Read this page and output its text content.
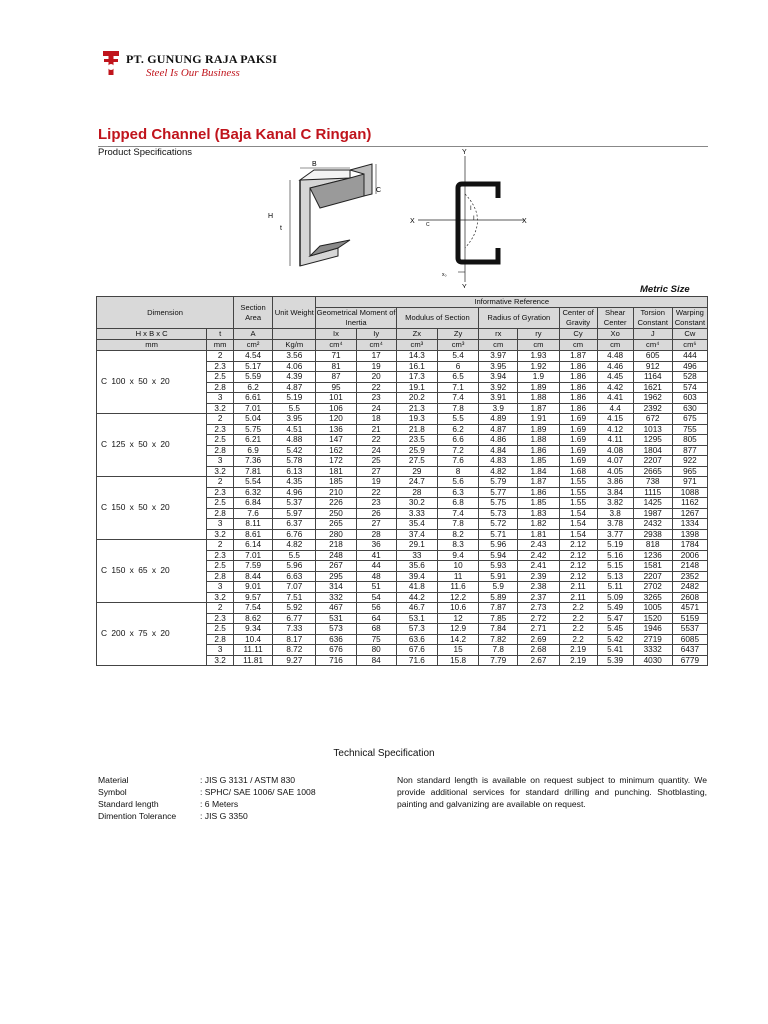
PT. GUNUNG RAJA PAKSI
Steel Is Our Business
Lipped Channel (Baja Kanal C Ringan)
Product Specifications
B
C
H
t
Y
Y
X	X
I
I
C
x₀
Metric Size
Dimension		Section Area	Unit Weight	Informative Reference									
				Geometrical Moment of Inertia		Modulus of Section		Radius of Gyration		Center of Gravity	Shear Center	Torsion Constant	Warping Constant
H x B x C	t	A		Ix	Iy	Zx	Zy	rx	ry	Cy	Xo	J	Cw
mm	mm	cm²	Kg/m	cm⁴	cm⁴	cm³	cm³	cm	cm	cm	cm	cm⁴	cm⁶
C 100 x 50 x 20	2	4.54	3.56	71	17	14.3	5.4	3.97	1.93	1.87	4.48	605	444
	2.3	5.17	4.06	81	19	16.1	6	3.95	1.92	1.86	4.46	912	496
	2.5	5.59	4.39	87	20	17.3	6.5	3.94	1.9	1.86	4.45	1164	528
	2.8	6.2	4.87	95	22	19.1	7.1	3.92	1.89	1.86	4.42	1621	574
	3	6.61	5.19	101	23	20.2	7.4	3.91	1.88	1.86	4.41	1962	603
	3.2	7.01	5.5	106	24	21.3	7.8	3.9	1.87	1.86	4.4	2392	630
C 125 x 50 x 20	2	5.04	3.95	120	18	19.3	5.5	4.89	1.91	1.69	4.15	672	675
	2.3	5.75	4.51	136	21	21.8	6.2	4.87	1.89	1.69	4.12	1013	755
	2.5	6.21	4.88	147	22	23.5	6.6	4.86	1.88	1.69	4.11	1295	805
	2.8	6.9	5.42	162	24	25.9	7.2	4.84	1.86	1.69	4.08	1804	877
	3	7.36	5.78	172	25	27.5	7.6	4.83	1.85	1.69	4.07	2207	922
	3.2	7.81	6.13	181	27	29	8	4.82	1.84	1.68	4.05	2665	965
C 150 x 50 x 20	2	5.54	4.35	185	19	24.7	5.6	5.79	1.87	1.55	3.86	738	971
	2.3	6.32	4.96	210	22	28	6.3	5.77	1.86	1.55	3.84	1115	1088
	2.5	6.84	5.37	226	23	30.2	6.8	5.75	1.85	1.55	3.82	1425	1162
	2.8	7.6	5.97	250	26	3.33	7.4	5.73	1.83	1.54	3.8	1987	1267
	3	8.11	6.37	265	27	35.4	7.8	5.72	1.82	1.54	3.78	2432	1334
	3.2	8.61	6.76	280	28	37.4	8.2	5.71	1.81	1.54	3.77	2938	1398
C 150 x 65 x 20	2	6.14	4.82	218	36	29.1	8.3	5.96	2.43	2.12	5.19	818	1784
	2.3	7.01	5.5	248	41	33	9.4	5.94	2.42	2.12	5.16	1236	2006
	2.5	7.59	5.96	267	44	35.6	10	5.93	2.41	2.12	5.15	1581	2148
	2.8	8.44	6.63	295	48	39.4	11	5.91	2.39	2.12	5.13	2207	2352
	3	9.01	7.07	314	51	41.8	11.6	5.9	2.38	2.11	5.11	2702	2482
	3.2	9.57	7.51	332	54	44.2	12.2	5.89	2.37	2.11	5.09	3265	2608
C 200 x 75 x 20	2	7.54	5.92	467	56	46.7	10.6	7.87	2.73	2.2	5.49	1005	4571
	2.3	8.62	6.77	531	64	53.1	12	7.85	2.72	2.2	5.47	1520	5159
	2.5	9.34	7.33	573	68	57.3	12.9	7.84	2.71	2.2	5.45	1946	5537
	2.8	10.4	8.17	636	75	63.6	14.2	7.82	2.69	2.2	5.42	2719	6085
	3	11.11	8.72	676	80	67.6	15	7.8	2.68	2.19	5.41	3332	6437
	3.2	11.81	9.27	716	84	71.6	15.8	7.79	2.67	2.19	5.39	4030	6779
Technical Specification
Material	: JIS G 3131 / ASTM 830
Symbol	: SPHC/ SAE 1006/ SAE 1008
Standard length	: 6 Meters
Dimention Tolerance	: JIS G 3350
Non standard length is available on request subject to minimum quantity. We provide additional services for standard drilling and punching. Shotblasting, painting and galvanizing are available on request.
